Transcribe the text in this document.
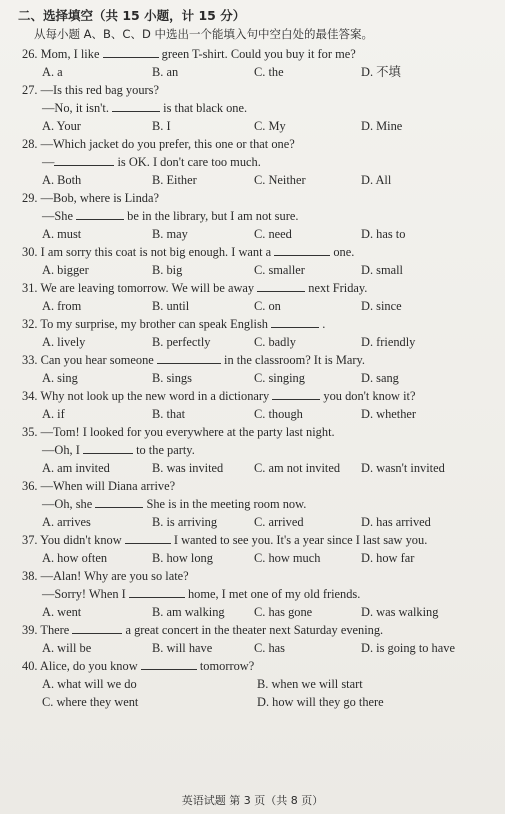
二、选择填空（共 15 小题，计 15 分）
从每小题 A、B、C、D 中选出一个能填入句中空白处的最佳答案。
26. Mom, I like	green T-shirt. Could you buy it for me?
A. a	B. an	C. the	D. 不填
27. —Is this red bag yours?
—No, it isn't.	is that black one.
A. Your	B. I	C. My	D. Mine
28. —Which jacket do you prefer, this one or that one?
—	is OK. I don't care too much.
A. Both	B. Either	C. Neither	D. All
29. —Bob, where is Linda?
—She	be in the library, but I am not sure.
A. must	B. may	C. need	D. has to
30. I am sorry this coat is not big enough. I want a	one.
A. bigger	B. big	C. smaller	D. small
31. We are leaving tomorrow. We will be away	next Friday.
A. from	B. until	C. on	D. since
32. To my surprise, my brother can speak English	.
A. lively	B. perfectly	C. badly	D. friendly
33. Can you hear someone	in the classroom? It is Mary.
A. sing	B. sings	C. singing	D. sang
34. Why not look up the new word in a dictionary	you don't know it?
A. if	B. that	C. though	D. whether
35. —Tom! I looked for you everywhere at the party last night.
—Oh, I	to the party.
A. am invited	B. was invited	C. am not invited	D. wasn't invited
36. —When will Diana arrive?
—Oh, she	She is in the meeting room now.
A. arrives	B. is arriving	C. arrived	D. has arrived
37. You didn't know	I wanted to see you. It's a year since I last saw you.
A. how often	B. how long	C. how much	D. how far
38. —Alan! Why are you so late?
—Sorry! When I	home, I met one of my old friends.
A. went	B. am walking	C. has gone	D. was walking
39. There	a great concert in the theater next Saturday evening.
A. will be	B. will have	C. has	D. is going to have
40. Alice, do you know	tomorrow?
A. what will we do	B. when we will start
C. where they went	D. how will they go there
英语试题 第 3 页（共 8 页）
